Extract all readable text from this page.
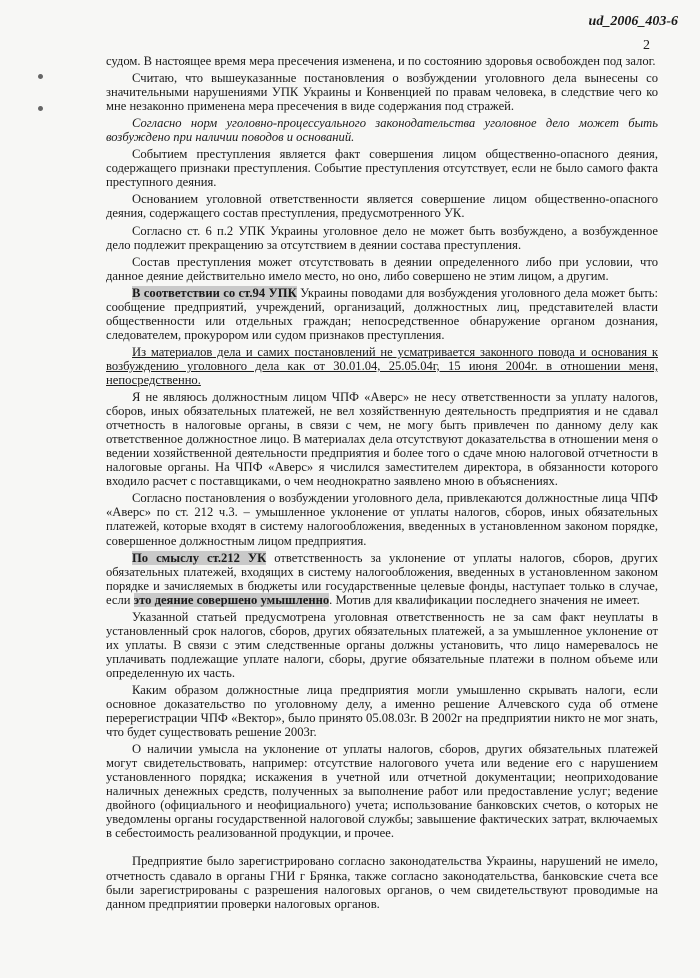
ud_2006_403-6
2

судом. В настоящее время мера пресечения изменена, и по состоянию здоровья освобожден под залог.

Считаю, что вышеуказанные постановления о возбуждении уголовного дела вынесены со значительными нарушениями УПК Украины и Конвенцией по правам человека, в следствие чего ко мне незаконно применена мера пресечения в виде содержания под стражей.

Согласно норм уголовно-процессуального законодательства уголовное дело может быть возбуждено при наличии поводов и оснований.

Событием преступления является факт совершения лицом общественно-опасного деяния, содержащего признаки преступления. Событие преступления отсутствует, если не было самого факта преступного деяния.

Основанием уголовной ответственности является совершение лицом общественно-опасного деяния, содержащего состав преступления, предусмотренного УК.

Согласно ст. 6 п.2 УПК Украины уголовное дело не может быть возбуждено, а возбужденное дело подлежит прекращению за отсутствием в деянии состава преступления.

Состав преступления может отсутствовать в деянии определенного либо при условии, что данное деяние действительно имело место, но оно, либо совершено не этим лицом, а другим.

В соответствии со ст.94 УПК Украины поводами для возбуждения уголовного дела может быть: сообщение предприятий, учреждений, организаций, должностных лиц, представителей власти общественности или отдельных граждан; непосредственное обнаружение органом дознания, следователем, прокурором или судом признаков преступления.

Из материалов дела и самих постановлений не усматривается законного повода и основания к возбуждению уголовного дела как от 30.01.04, 25.05.04г, 15 июня 2004г. в отношении меня, непосредственно.

Я не являюсь должностным лицом ЧПФ «Аверс» не несу ответственности за уплату налогов, сборов, иных обязательных платежей, не вел хозяйственную деятельность предприятия и не сдавал отчетность в налоговые органы, в связи с чем, не могу быть привлечен по данному делу как ответственное должностное лицо. В материалах дела отсутствуют доказательства в отношении меня о ведении хозяйственной деятельности предприятия и более того о сдаче мною налоговой отчетности в налоговые органы. На ЧПФ «Аверс» я числился заместителем директора, в обязанности которого входило расчет с поставщиками, о чем неоднократно заявлено мною в объяснениях.

Согласно постановления о возбуждении уголовного дела, привлекаются должностные лица ЧПФ «Аверс» по ст. 212 ч.3. – умышленное уклонение от уплаты налогов, сборов, иных обязательных платежей, которые входят в систему налогообложения, введенных в установленном законом порядке, совершенное должностным лицом предприятия.

По смыслу ст.212 УК ответственность за уклонение от уплаты налогов, сборов, других обязательных платежей, входящих в систему налогообложения, введенных в установленном законом порядке и зачисляемых в бюджеты или государственные целевые фонды, наступает только в случае, если это деяние совершено умышленно. Мотив для квалификации последнего значения не имеет.

Указанной статьей предусмотрена уголовная ответственность не за сам факт неуплаты в установленный срок налогов, сборов, других обязательных платежей, а за умышленное уклонение от их уплаты. В связи с этим следственные органы должны установить, что лицо намеревалось не уплачивать подлежащие уплате налоги, сборы, другие обязательные платежи в полном объеме или определенную их часть.

Каким образом должностные лица предприятия могли умышленно скрывать налоги, если основное доказательство по уголовному делу, а именно решение Алчевского суда об отмене перерегистрации ЧПФ «Вектор», было принято 05.08.03г. В 2002г на предприятии никто не мог знать, что будет существовать решение 2003г.

О наличии умысла на уклонение от уплаты налогов, сборов, других обязательных платежей могут свидетельствовать, например: отсутствие налогового учета или ведение его с нарушением установленного порядка; искажения в учетной или отчетной документации; неоприходование наличных денежных средств, полученных за выполнение работ или предоставление услуг; ведение двойного (официального и неофициального) учета; использование банковских счетов, о которых не уведомлены органы государственной налоговой службы; завышение фактических затрат, включаемых в себестоимость реализованной продукции, и прочее.

Предприятие было зарегистрировано согласно законодательства Украины, нарушений не имело, отчетность сдавало в органы ГНИ г Брянка, также согласно законодательства, банковские счета все были зарегистрированы с разрешения налоговых органов, о чем свидетельствуют проводимые на данном предприятии проверки налоговых органов.
